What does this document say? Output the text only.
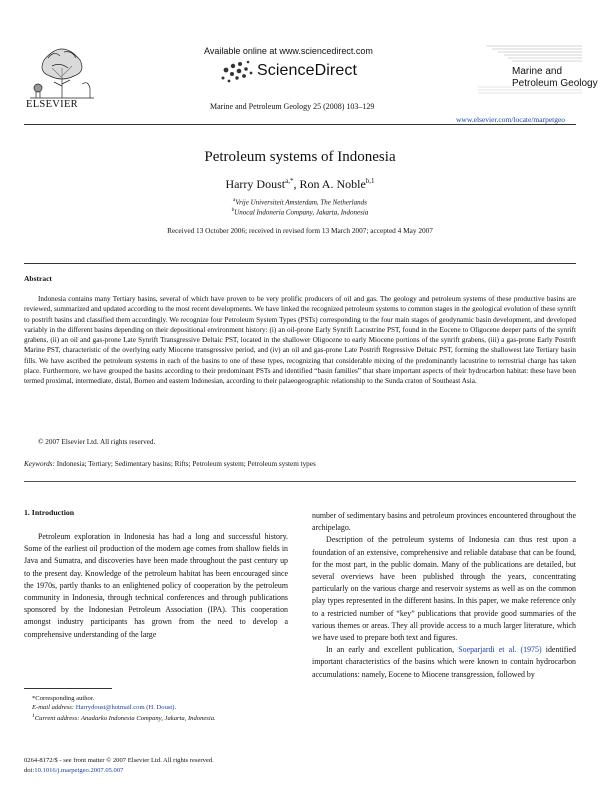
ELSEVIER
Available online at www.sciencedirect.com
ScienceDirect
Marine and Petroleum Geology 25 (2008) 103–129
Marine and
Petroleum Geology
www.elsevier.com/locate/marpetgeo
Petroleum systems of Indonesia
Harry Doust$^{a,*}$, Ron A. Noble$^{b,1}$
$^a$Vrije Universiteit Amsterdam, The Netherlands
$^b$Unocal Indoneria Company, Jakarta, Indonesia
Received 13 October 2006; received in revised form 13 March 2007; accepted 4 May 2007
Abstract
Indonesia contains many Tertiary basins, several of which have proven to be very prolific producers of oil and gas. The geology and petroleum systems of these productive basins are reviewed, summarized and updated according to the most recent developments. We have linked the recognized petroleum systems to common stages in the geological evolution of these synrift to postrift basins and classified them accordingly. We recognize four Petroleum System Types (PSTs) corresponding to the four main stages of geodynamic basin development, and developed variably in the different basins depending on their depositional environment history: (i) an oil-prone Early Synrift Lacustrine PST, found in the Eocene to Oligocene deeper parts of the synrift grabens, (ii) an oil and gas-prone Late Synrift Transgressive Deltaic PST, located in the shallower Oligocene to early Miocene portions of the synrift grabens, (iii) a gas-prone Early Postrift Marine PST, characteristic of the overlying early Miocene transgressive period, and (iv) an oil and gas-prone Late Postrift Regressive Deltaic PST, forming the shallowest late Tertiary basin fills. We have ascribed the petroleum systems in each of the basins to one of these types, recognizing that considerable mixing of the predominantly lacustrine to terrestrial charge has taken place. Furthermore, we have grouped the basins according to their predominant PSTs and identified “basin families” that share important aspects of their hydrocarbon habitat: these have been termed proximal, intermediate, distal, Borneo and eastern Indonesian, according to their palaeogeographic relationship to the Sunda craton of Southeast Asia.
© 2007 Elsevier Ltd. All rights reserved.
Keywords: Indonesia; Tertiary; Sedimentary basins; Rifts; Petroleum system; Petroleum system types
1. Introduction

Petroleum exploration in Indonesia has had a long and successful history. Some of the earliest oil production of the modern age comes from shallow fields in Java and Sumatra, and discoveries have been made throughout the past century up to the present day. Knowledge of the petroleum habitat has been encouraged since the 1970s, partly thanks to an enlightened policy of cooperation by the petroleum community in Indonesia, through technical conferences and through publications sponsored by the Indonesian Petroleum Association (IPA). This cooperation amongst industry participants has grown from the need to develop a comprehensive understanding of the large

number of sedimentary basins and petroleum provinces encountered throughout the archipelago.

Description of the petroleum systems of Indonesia can thus rest upon a foundation of an extensive, comprehensive and reliable database that can be found, for the most part, in the public domain. Many of the publications are detailed, but several overviews have been published through the years, concentrating particularly on the various charge and reservoir systems as well as on the common play types represented in the different basins. In this paper, we make reference only to a restricted number of “key” publications that provide good summaries of the various themes or areas. They all provide access to a much larger literature, which we have used to prepare both text and figures.

In an early and excellent publication, Soeparjardi et al. (1975) identified important characteristics of the basins which were known to contain hydrocarbon accumulations: namely, Eocene to Miocene transgression, followed by

*Corresponding author.
E-mail address: Harrydoust@hotmail.com (H. Doust).
$^1$Current address: Anadarko Indonesia Company, Jakarta, Indonesia.
0264-8172/$ - see front matter © 2007 Elsevier Ltd. All rights reserved.
doi:10.1016/j.marpetgeo.2007.05.007
